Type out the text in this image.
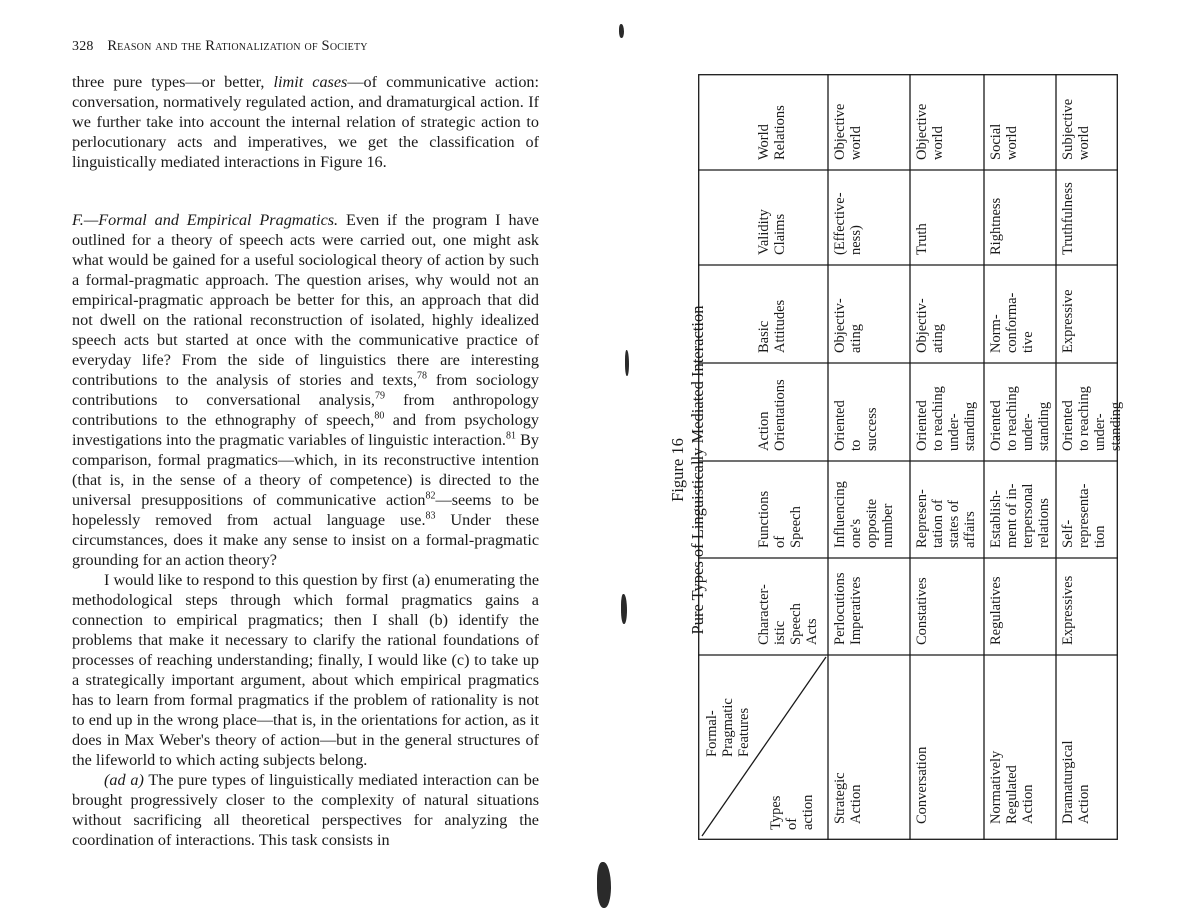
328 Reason and the Rationalization of Society

three pure types—or better, limit cases—of communicative action: conversation, normatively regulated action, and dramaturgical action. If we further take into account the internal relation of strategic action to perlocutionary acts and imperatives, we get the classification of linguistically mediated interactions in Figure 16.

F.—Formal and Empirical Pragmatics. Even if the program I have outlined for a theory of speech acts were carried out, one might ask what would be gained for a useful sociological theory of action by such a formal-pragmatic approach. The question arises, why would not an empirical-pragmatic approach be better for this, an approach that did not dwell on the rational reconstruction of isolated, highly idealized speech acts but started at once with the communicative practice of everyday life? From the side of linguistics there are interesting contributions to the analysis of stories and texts,$^{78}$ from sociology contributions to conversational analysis,$^{79}$ from anthropology contributions to the ethnography of speech,$^{80}$ and from psychology investigations into the pragmatic variables of linguistic interaction.$^{81}$ By comparison, formal pragmatics—which, in its reconstructive intention (that is, in the sense of a theory of competence) is directed to the universal presuppositions of communicative action$^{82}$—seems to be hopelessly removed from actual language use.$^{83}$ Under these circumstances, does it make any sense to insist on a formal-pragmatic grounding for an action theory?

I would like to respond to this question by first (a) enumerating the methodological steps through which formal pragmatics gains a connection to empirical pragmatics; then I shall (b) identify the problems that make it necessary to clarify the rational foundations of processes of reaching understanding; finally, I would like (c) to take up a strategically important argument, about which empirical pragmatics has to learn from formal pragmatics if the problem of rationality is not to end up in the wrong place—that is, in the orientations for action, as it does in Max Weber's theory of action—but in the general structures of the lifeworld to which acting subjects belong.

(ad a) The pure types of linguistically mediated interaction can be brought progressively closer to the complexity of natural situations without sacrificing all theoretical perspectives for analyzing the coordination of interactions. This task consists in

Figure 16 Pure Types of Linguistically Mediated Interaction
Formal-PragmaticFeatures
Typesofaction
Character-isticSpeechActs
FunctionsofSpeech
ActionOrientations
BasicAttitudes
ValidityClaims
WorldRelations
StrategicAction
PerlocutionsImperatives
Influencingone'soppositenumber
Orientedtosuccess
Objectiv-ating
(Effective-ness)
Objectiveworld
Conversation
Constatives
Represen-tation ofstates ofaffairs
Orientedto reachingunder-standing
Objectiv-ating
Truth
Objectiveworld
NormativelyRegulatedAction
Regulatives
Establish-ment of in-terpersonalrelations
Orientedto reachingunder-standing
Norm-conforma-tive
Rightness
Socialworld
DramaturgicalAction
Expressives
Self-representa-tion
Orientedto reachingunder-standing
Expressive
Truthfulness
Subjectiveworld
